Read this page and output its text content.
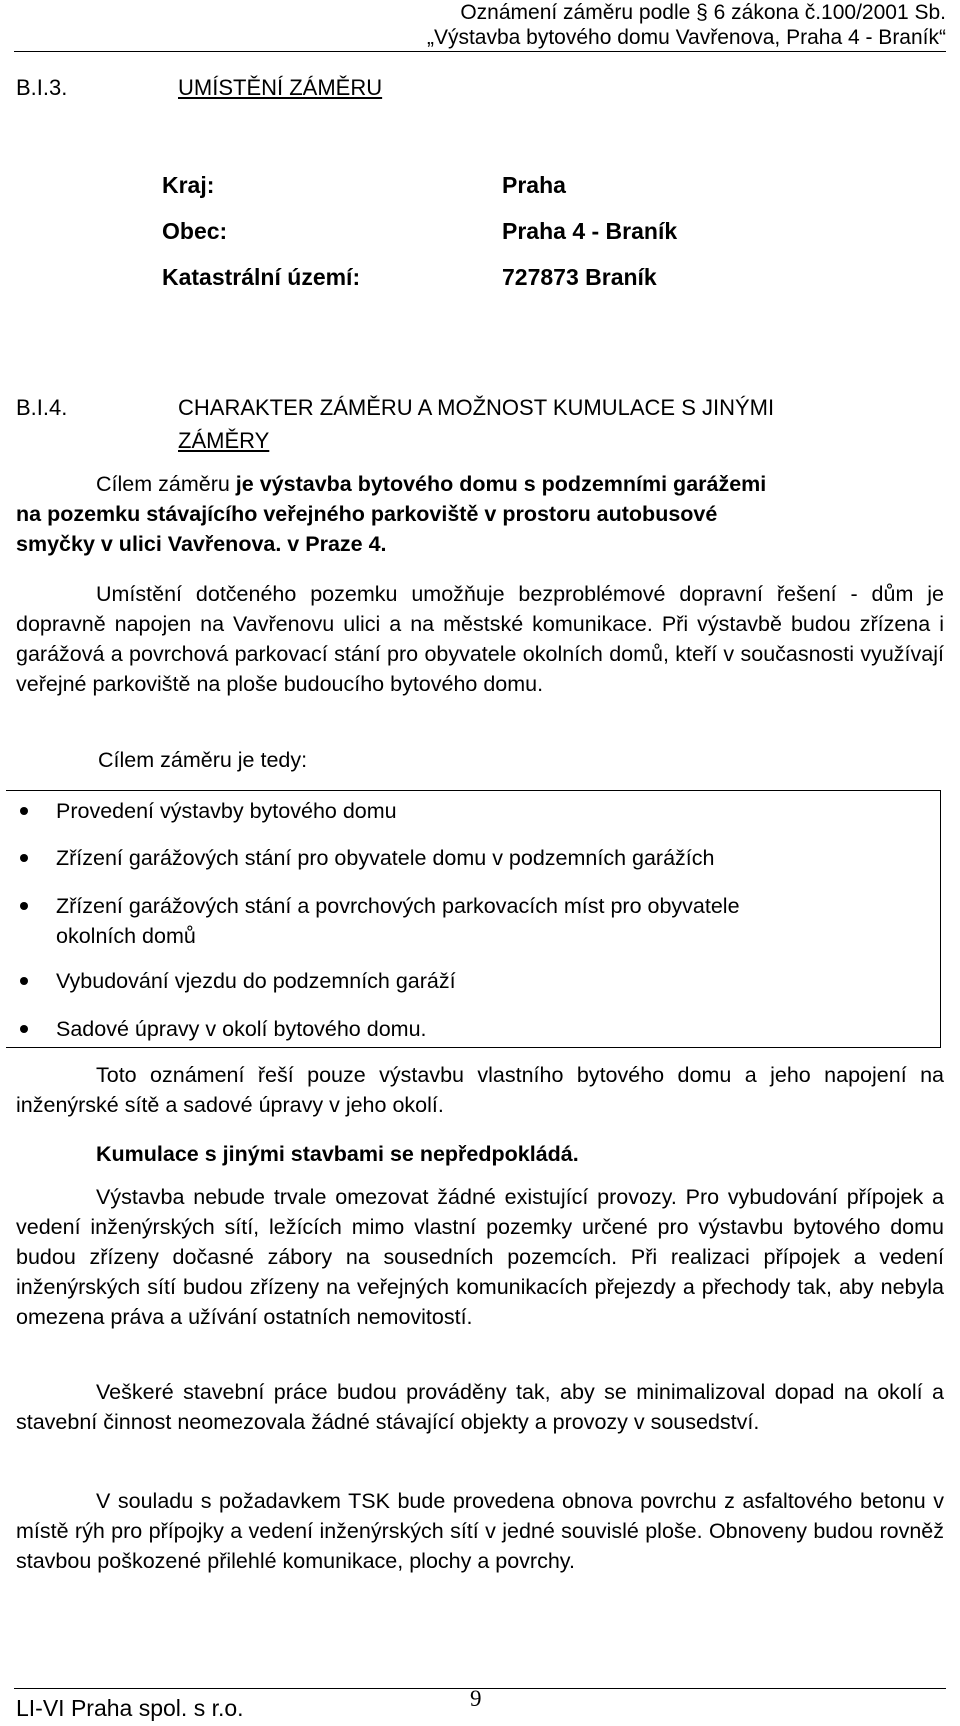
Oznámení záměru podle § 6 zákona č.100/2001 Sb.
„Výstavba bytového domu Vavřenova, Praha 4 - Braník“
B.I.3.	UMÍSTĚNÍ ZÁMĚRU
Kraj:	Praha
Obec:	Praha 4 - Braník
Katastrální území:	727873 Braník
B.I.4.	CHARAKTER ZÁMĚRU A MOŽNOST KUMULACE S JINÝMI
ZÁMĚRY
Cílem záměru je výstavba bytového domu s podzemními garážemi
na pozemku stávajícího veřejného parkoviště v prostoru autobusové
smyčky v ulici Vavřenova. v Praze 4.
Umístění dotčeného pozemku umožňuje bezproblémové dopravní řešení - dům je dopravně napojen na Vavřenovu ulici a na městské komunikace. Při výstavbě budou zřízena i garážová a povrchová parkovací stání pro obyvatele okolních domů, kteří v současnosti využívají veřejné parkoviště na ploše budoucího bytového domu.
Cílem záměru je tedy:
Provedení výstavby bytového domu
Zřízení garážových stání pro obyvatele domu v podzemních garážích
Zřízení garážových stání a povrchových parkovacích míst pro obyvatele
okolních domů
Vybudování vjezdu do podzemních garáží
Sadové úpravy v okolí bytového domu.
Toto oznámení řeší pouze výstavbu vlastního bytového domu a jeho napojení na inženýrské sítě a sadové úpravy v jeho okolí.
Kumulace s jinými stavbami se nepředpokládá.
Výstavba nebude trvale omezovat žádné existující provozy. Pro vybudování přípojek a vedení inženýrských sítí, ležících mimo vlastní pozemky určené pro výstavbu bytového domu budou zřízeny dočasné zábory na sousedních pozemcích. Při realizaci přípojek a vedení inženýrských sítí budou zřízeny na veřejných komunikacích přejezdy a přechody tak, aby nebyla omezena práva a užívání ostatních nemovitostí.
Veškeré stavební práce budou prováděny tak, aby se minimalizoval dopad na okolí a stavební činnost neomezovala žádné stávající objekty a provozy v sousedství.
V souladu s požadavkem TSK bude provedena obnova povrchu z asfaltového betonu v místě rýh pro přípojky a vedení inženýrských sítí v jedné souvislé ploše. Obnoveny budou rovněž stavbou poškozené přilehlé komunikace, plochy a povrchy.
LI-VI Praha spol. s r.o.	9
